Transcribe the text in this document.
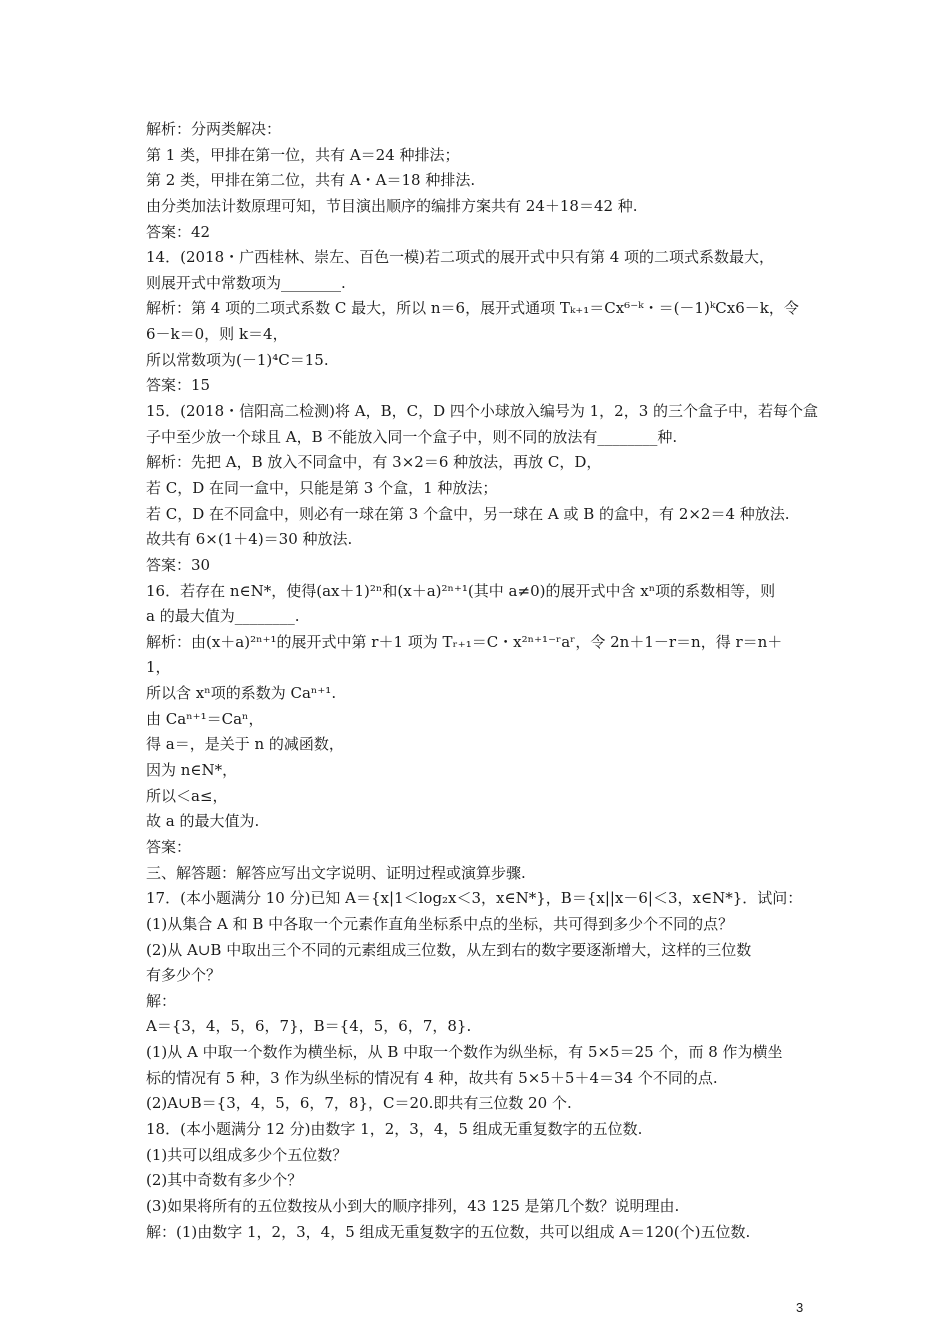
解析：分两类解决：
第 1 类，甲排在第一位，共有 A＝24 种排法；
第 2 类，甲排在第二位，共有 A・A＝18 种排法.
由分类加法计数原理可知，节目演出顺序的编排方案共有 24＋18＝42 种.
答案：42
14．(2018・广西桂林、崇左、百色一模)若二项式的展开式中只有第 4 项的二项式系数最大，
则展开式中常数项为________.
解析：第 4 项的二项式系数 C 最大，所以 n＝6，展开式通项 Tₖ₊₁＝Cx⁶⁻ᵏ・＝(－1)ᵏCx6－k，令
6－k＝0，则 k＝4，
所以常数项为(－1)⁴C＝15.
答案：15
15．(2018・信阳高二检测)将 A，B，C，D 四个小球放入编号为 1，2，3 的三个盒子中，若每个盒
子中至少放一个球且 A，B 不能放入同一个盒子中，则不同的放法有________种.
解析：先把 A，B 放入不同盒中，有 3×2＝6 种放法，再放 C，D，
若 C，D 在同一盒中，只能是第 3 个盒，1 种放法；
若 C，D 在不同盒中，则必有一球在第 3 个盒中，另一球在 A 或 B 的盒中，有 2×2＝4 种放法.
故共有 6×(1＋4)＝30 种放法.
答案：30
16．若存在 n∈N*，使得(ax＋1)²ⁿ和(x＋a)²ⁿ⁺¹(其中 a≠0)的展开式中含 xⁿ项的系数相等，则
a 的最大值为________.
解析：由(x＋a)²ⁿ⁺¹的展开式中第 r＋1 项为 Tᵣ₊₁＝C・x²ⁿ⁺¹⁻ʳaʳ，令 2n＋1－r＝n，得 r＝n＋
1，
所以含 xⁿ项的系数为 Caⁿ⁺¹.
由 Caⁿ⁺¹＝Caⁿ，
得 a＝，是关于 n 的减函数，
因为 n∈N*，
所以＜a≤，
故 a 的最大值为.
答案：
三、解答题：解答应写出文字说明、证明过程或演算步骤.
17．(本小题满分 10 分)已知 A＝{x|1＜log₂x＜3，x∈N*}，B＝{x||x－6|＜3，x∈N*}．试问：
(1)从集合 A 和 B 中各取一个元素作直角坐标系中点的坐标，共可得到多少个不同的点？
(2)从 A∪B 中取出三个不同的元素组成三位数，从左到右的数字要逐渐增大，这样的三位数
有多少个？
解：
A＝{3，4，5，6，7}，B＝{4，5，6，7，8}.
(1)从 A 中取一个数作为横坐标，从 B 中取一个数作为纵坐标，有 5×5＝25 个，而 8 作为横坐
标的情况有 5 种，3 作为纵坐标的情况有 4 种，故共有 5×5＋5＋4＝34 个不同的点.
(2)A∪B＝{3，4，5，6，7，8}，C＝20.即共有三位数 20 个.
18．(本小题满分 12 分)由数字 1，2，3，4，5 组成无重复数字的五位数.
(1)共可以组成多少个五位数？
(2)其中奇数有多少个？
(3)如果将所有的五位数按从小到大的顺序排列，43 125 是第几个数？说明理由.
解：(1)由数字 1，2，3，4，5 组成无重复数字的五位数，共可以组成 A＝120(个)五位数.
3
